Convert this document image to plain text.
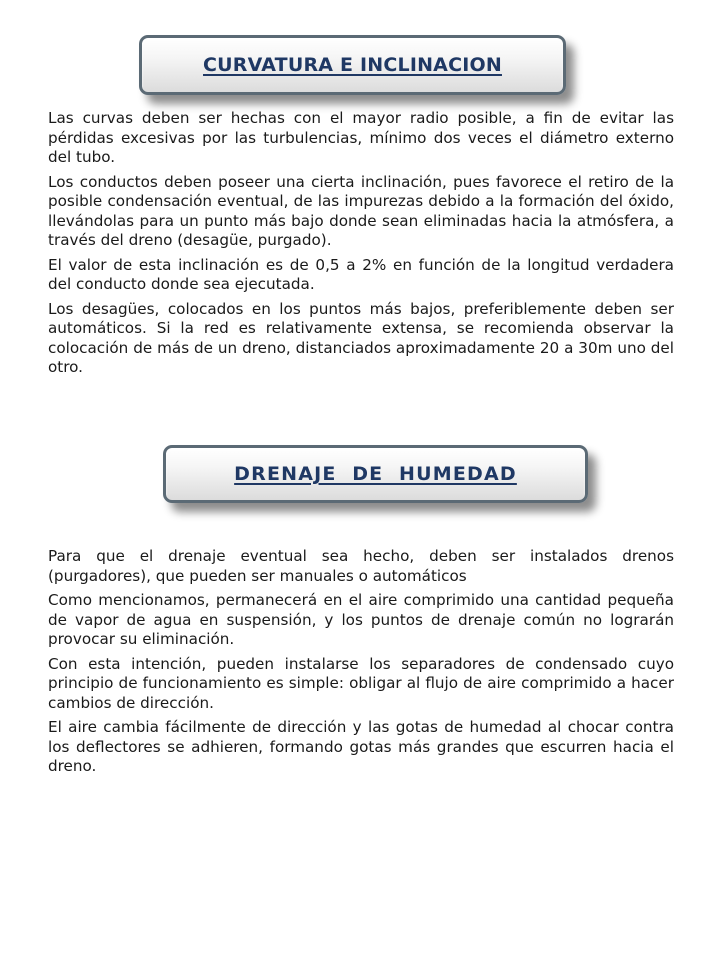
CURVATURA E INCLINACION

Las curvas deben ser hechas con el mayor radio posible, a fin de evitar las pérdidas excesivas por las turbulencias, mínimo dos veces el diámetro externo del tubo.

Los conductos deben poseer una cierta inclinación, pues favorece el retiro de la posible condensación eventual, de las impurezas debido a la formación del óxido, llevándolas para un punto más bajo donde sean eliminadas hacia la atmósfera, a través del dreno (desagüe, purgado).

El valor de esta inclinación es de 0,5 a 2% en función de la longitud verdadera del conducto donde sea ejecutada.

Los desagües, colocados en los puntos más bajos, preferiblemente deben ser automáticos. Si la red es relativamente extensa, se recomienda observar la colocación de más de un dreno, distanciados aproximadamente 20 a 30m uno del otro.

DRENAJE  DE  HUMEDAD

Para que el drenaje eventual sea hecho, deben ser instalados drenos (purgadores), que pueden ser manuales o automáticos

Como mencionamos, permanecerá en el aire comprimido una cantidad pequeña de vapor de agua en suspensión, y los puntos de drenaje común no lograrán provocar su eliminación.

Con esta intención, pueden instalarse los separadores de condensado cuyo principio de funcionamiento es simple: obligar al flujo de aire comprimido a hacer cambios de dirección.

El aire cambia fácilmente de dirección y las gotas de humedad al chocar contra los deflectores se adhieren, formando gotas más grandes que escurren hacia el dreno.
